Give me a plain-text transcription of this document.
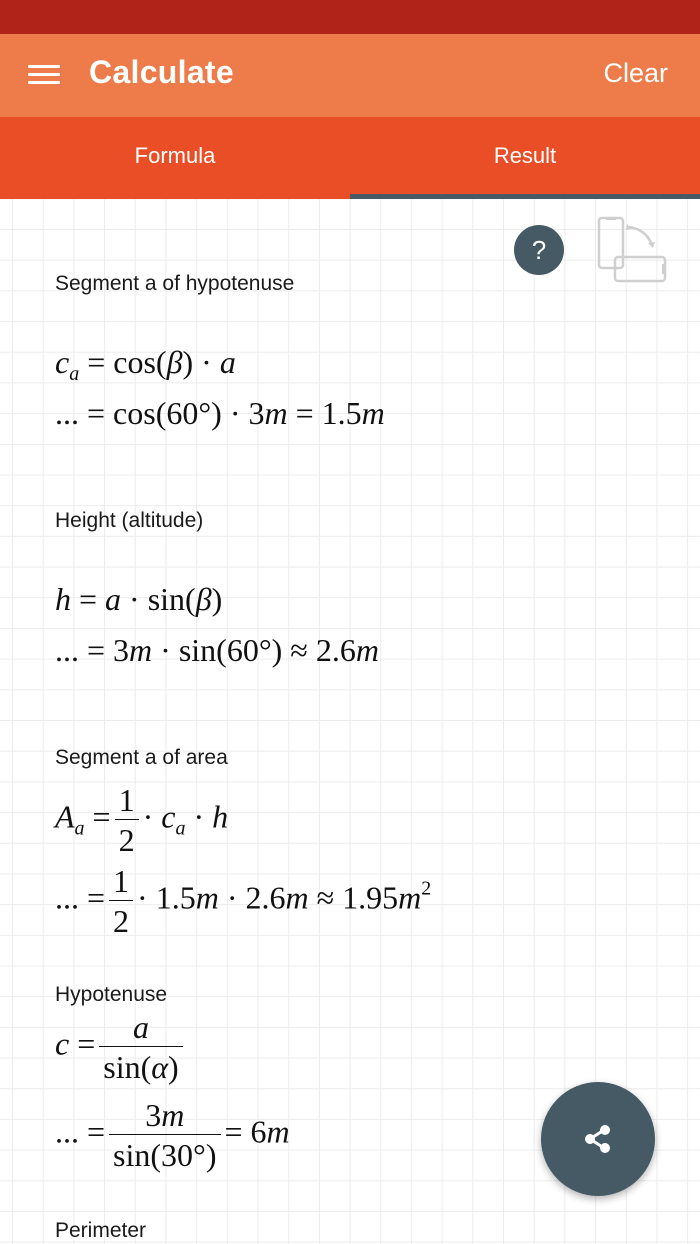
Calculate	Clear
Formula	Result
?
Segment a of hypotenuse
$c_a = \cos(\beta) \cdot a$
... = cos(60°) · 3m = 1.5m
Height (altitude)
h = a · sin(β)
... = 3m · sin(60°) ≈ 2.6m
Segment a of area
$A_a = \frac{1}{2} \cdot c_a \cdot h$
... = $\frac{1}{2} \cdot 1.5m \cdot 2.6m \approx 1.95m^2$
Hypotenuse
$c = \frac{a}{\sin(\alpha)}$
... = $\frac{3m}{\sin(30^\circ)} = 6m$
Perimeter
